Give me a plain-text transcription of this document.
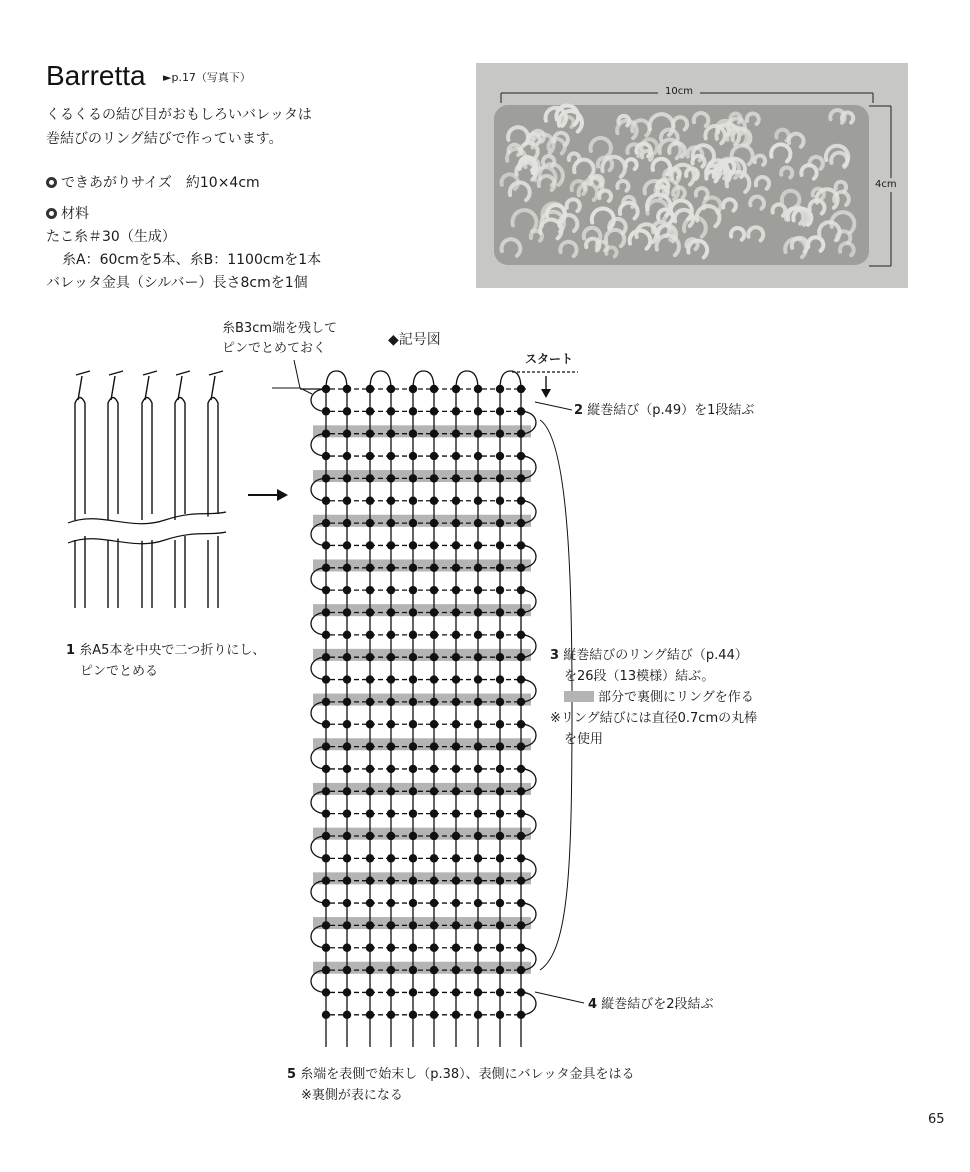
Barretta ►p.17（写真下）
くるくるの結び目がおもしろいバレッタは
巻結びのリング結びで作っています。
できあがりサイズ　約10×4cm
材料
たこ糸＃30（生成）
糸A：60cmを5本、糸B：1100cmを1本
バレッタ金具（シルバー）長さ8cmを1個
10cm
4cm
糸B3cm端を残して
ピンでとめておく
◆記号図
スタート
2 縦巻結び（p.49）を1段結ぶ
1 糸A5本を中央で二つ折りにし、
ピンでとめる
3 縦巻結びのリング結び（p.44）
を26段（13模様）結ぶ。
部分で裏側にリングを作る
※リング結びには直径0.7cmの丸棒
を使用
4 縦巻結びを2段結ぶ
5 糸端を表側で始末し（p.38）、表側にバレッタ金具をはる
※裏側が表になる
65
